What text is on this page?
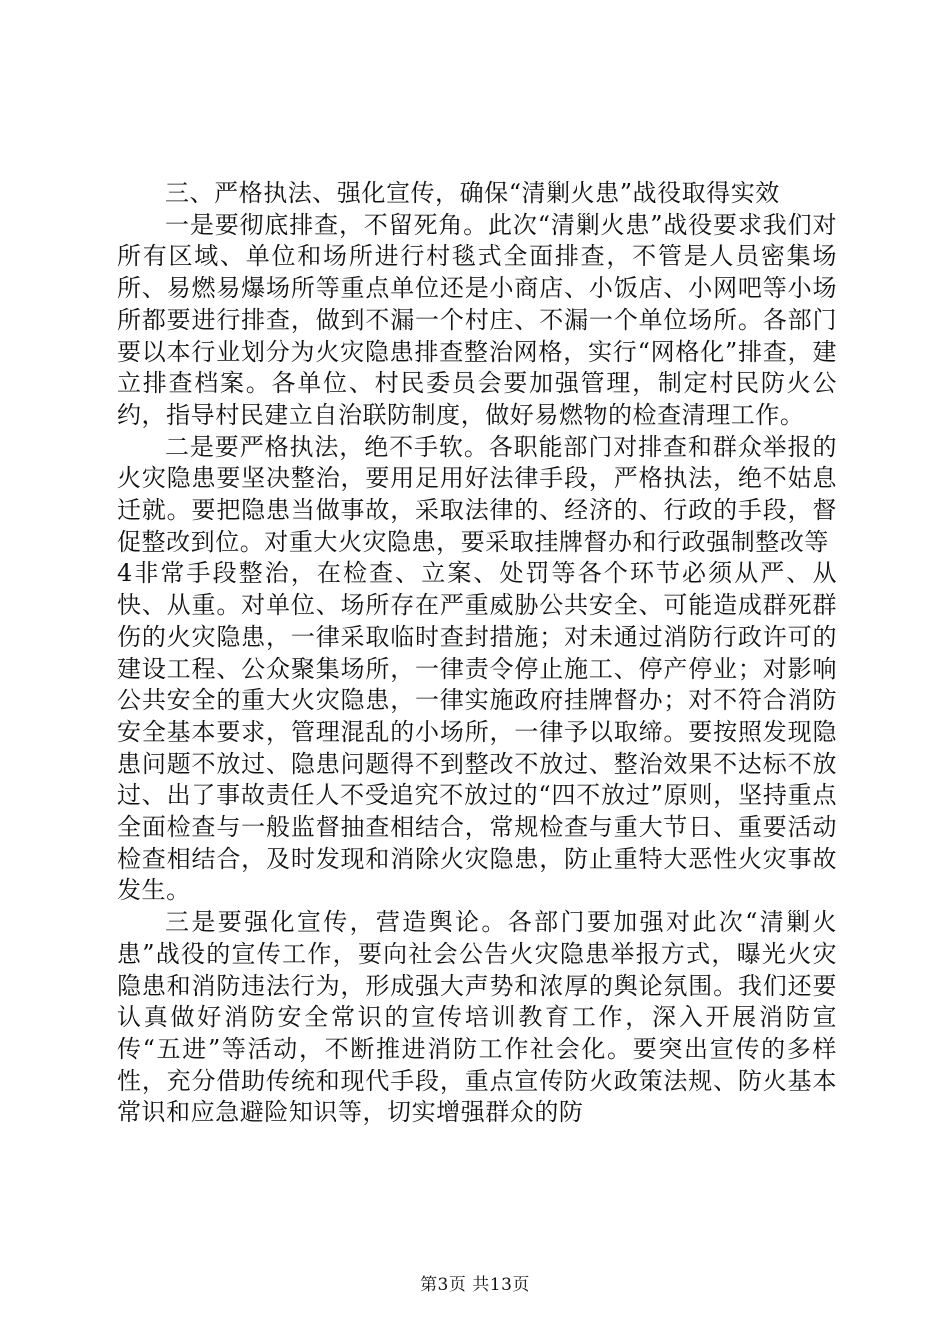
三、严格执法、强化宣传，确保“清剿火患”战役取得实效

一是要彻底排查，不留死角。此次“清剿火患”战役要求我们对所有区域、单位和场所进行村毯式全面排查，不管是人员密集场所、易燃易爆场所等重点单位还是小商店、小饭店、小网吧等小场所都要进行排查，做到不漏一个村庄、不漏一个单位场所。各部门要以本行业划分为火灾隐患排查整治网格，实行“网格化”排查，建立排查档案。各单位、村民委员会要加强管理，制定村民防火公约，指导村民建立自治联防制度，做好易燃物的检查清理工作。

二是要严格执法，绝不手软。各职能部门对排查和群众举报的火灾隐患要坚决整治，要用足用好法律手段，严格执法，绝不姑息迁就。要把隐患当做事故，采取法律的、经济的、行政的手段，督促整改到位。对重大火灾隐患，要采取挂牌督办和行政强制整改等

4非常手段整治，在检查、立案、处罚等各个环节必须从严、从快、从重。对单位、场所存在严重威胁公共安全、可能造成群死群伤的火灾隐患，一律采取临时查封措施；对未通过消防行政许可的建设工程、公众聚集场所，一律责令停止施工、停产停业；对影响公共安全的重大火灾隐患，一律实施政府挂牌督办；对不符合消防安全基本要求，管理混乱的小场所，一律予以取缔。要按照发现隐患问题不放过、隐患问题得不到整改不放过、整治效果不达标不放过、出了事故责任人不受追究不放过的“四不放过”原则，坚持重点全面检查与一般监督抽查相结合，常规检查与重大节日、重要活动检查相结合，及时发现和消除火灾隐患，防止重特大恶性火灾事故发生。

三是要强化宣传，营造舆论。各部门要加强对此次“清剿火患”战役的宣传工作，要向社会公告火灾隐患举报方式，曝光火灾隐患和消防违法行为，形成强大声势和浓厚的舆论氛围。我们还要认真做好消防安全常识的宣传培训教育工作，深入开展消防宣传“五进”等活动，不断推进消防工作社会化。要突出宣传的多样性，充分借助传统和现代手段，重点宣传防火政策法规、防火基本常识和应急避险知识等，切实增强群众的防

第3页 共13页
